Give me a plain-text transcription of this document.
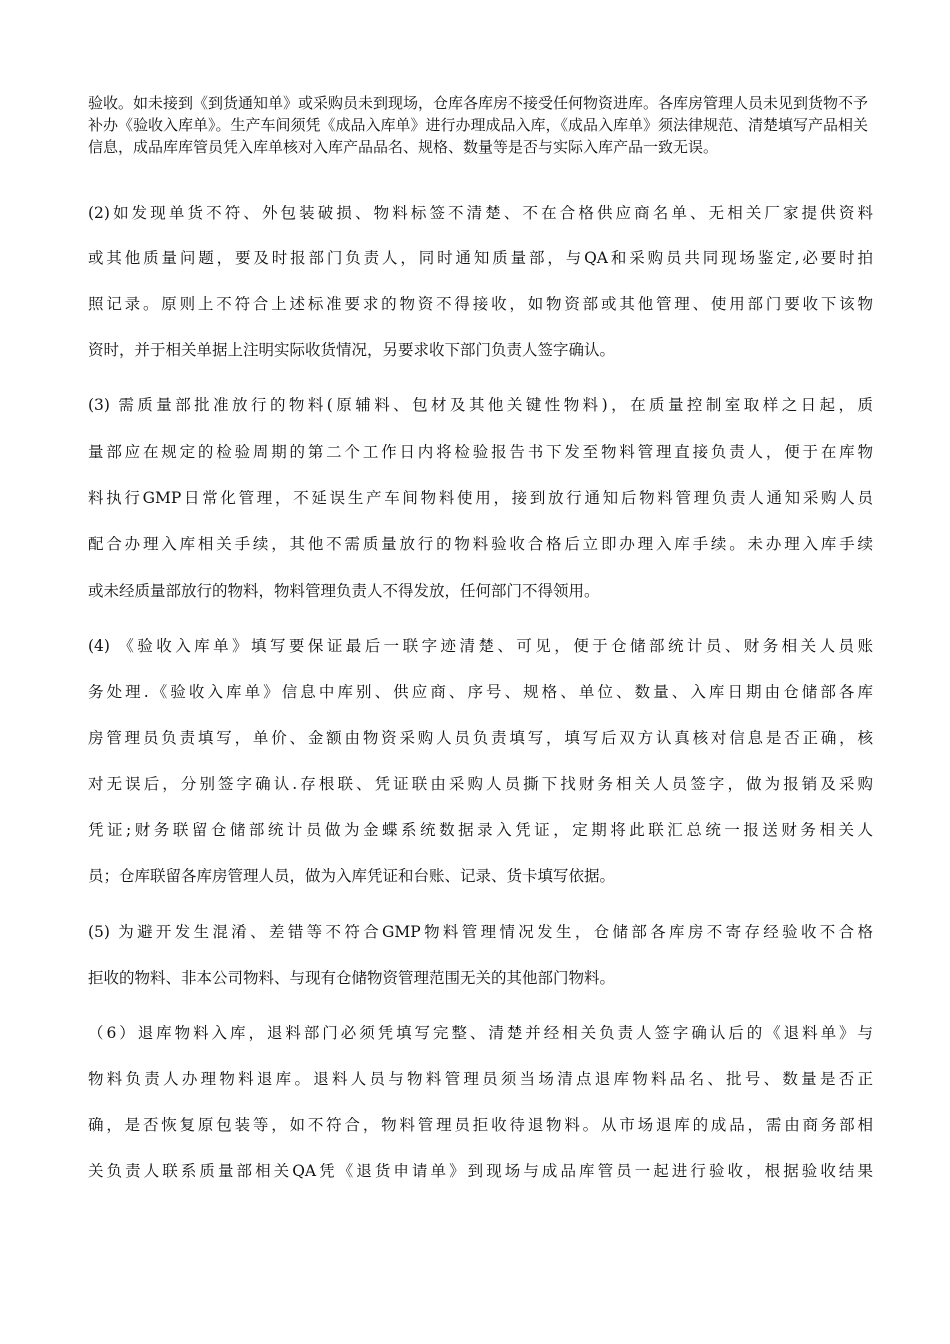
验收。如未接到《到货通知单》或采购员未到现场，仓库各库房不接受任何物资进库。各库房管理人员未见到货物不予补办《验收入库单》。生产车间须凭《成品入库单》进行办理成品入库，《成品入库单》须法律规范、清楚填写产品相关信息，成品库库管员凭入库单核对入库产品品名、规格、数量等是否与实际入库产品一致无误。

(2)如发现单货不符、外包装破损、物料标签不清楚、不在合格供应商名单、无相关厂家提供资料

或其他质量问题，要及时报部门负责人，同时通知质量部，与QA和采购员共同现场鉴定,必要时拍

照记录。原则上不符合上述标准要求的物资不得接收，如物资部或其他管理、使用部门要收下该物

资时，并于相关单据上注明实际收货情况，另要求收下部门负责人签字确认。

(3) 需质量部批准放行的物料(原辅料、包材及其他关键性物料)，在质量控制室取样之日起，质

量部应在规定的检验周期的第二个工作日内将检验报告书下发至物料管理直接负责人，便于在库物

料执行GMP日常化管理，不延误生产车间物料使用，接到放行通知后物料管理负责人通知采购人员

配合办理入库相关手续，其他不需质量放行的物料验收合格后立即办理入库手续。未办理入库手续

或未经质量部放行的物料，物料管理负责人不得发放，任何部门不得领用。

(4) 《验收入库单》填写要保证最后一联字迹清楚、可见，便于仓储部统计员、财务相关人员账

务处理.《验收入库单》信息中库别、供应商、序号、规格、单位、数量、入库日期由仓储部各库

房管理员负责填写，单价、金额由物资采购人员负责填写，填写后双方认真核对信息是否正确，核

对无误后，分别签字确认.存根联、凭证联由采购人员撕下找财务相关人员签字，做为报销及采购

凭证;财务联留仓储部统计员做为金蝶系统数据录入凭证，定期将此联汇总统一报送财务相关人

员；仓库联留各库房管理人员，做为入库凭证和台账、记录、货卡填写依据。

(5) 为避开发生混淆、差错等不符合GMP物料管理情况发生，仓储部各库房不寄存经验收不合格

拒收的物料、非本公司物料、与现有仓储物资管理范围无关的其他部门物料。

（6）退库物料入库，退料部门必须凭填写完整、清楚并经相关负责人签字确认后的《退料单》与

物料负责人办理物料退库。退料人员与物料管理员须当场清点退库物料品名、批号、数量是否正

确，是否恢复原包装等，如不符合，物料管理员拒收待退物料。从市场退库的成品，需由商务部相

关负责人联系质量部相关QA凭《退货申请单》到现场与成品库管员一起进行验收，根据验收结果
